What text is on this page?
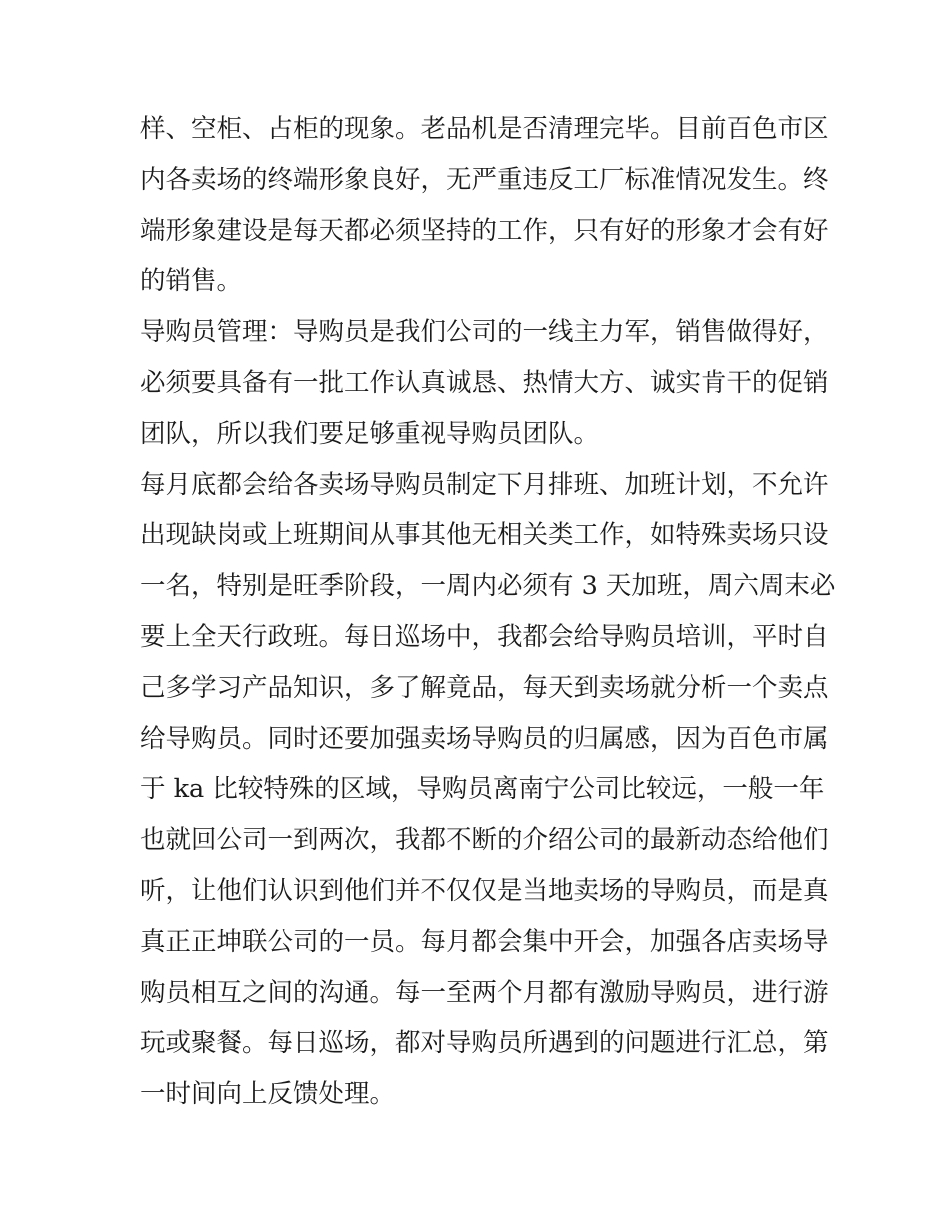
样、空柜、占柜的现象。老品机是否清理完毕。目前百色市区
内各卖场的终端形象良好，无严重违反工厂标准情况发生。终
端形象建设是每天都必须坚持的工作，只有好的形象才会有好
的销售。
导购员管理：导购员是我们公司的一线主力军，销售做得好，
必须要具备有一批工作认真诚恳、热情大方、诚实肯干的促销
团队，所以我们要足够重视导购员团队。
每月底都会给各卖场导购员制定下月排班、加班计划，不允许
出现缺岗或上班期间从事其他无相关类工作，如特殊卖场只设
一名，特别是旺季阶段，一周内必须有 3 天加班，周六周末必
要上全天行政班。每日巡场中，我都会给导购员培训，平时自
己多学习产品知识，多了解竟品，每天到卖场就分析一个卖点
给导购员。同时还要加强卖场导购员的归属感，因为百色市属
于 ka 比较特殊的区域，导购员离南宁公司比较远，一般一年
也就回公司一到两次，我都不断的介绍公司的最新动态给他们
听，让他们认识到他们并不仅仅是当地卖场的导购员，而是真
真正正坤联公司的一员。每月都会集中开会，加强各店卖场导
购员相互之间的沟通。每一至两个月都有激励导购员，进行游
玩或聚餐。每日巡场，都对导购员所遇到的问题进行汇总，第
一时间向上反馈处理。
